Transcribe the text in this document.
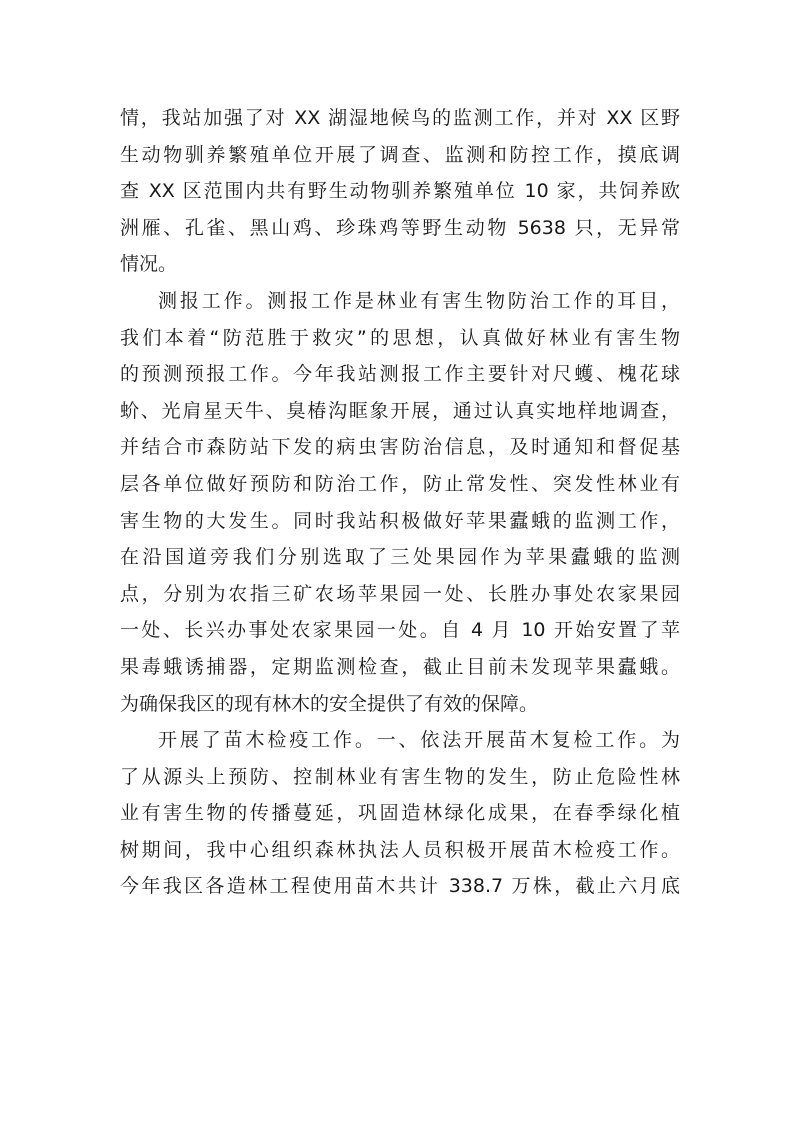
情，我站加强了对 XX 湖湿地候鸟的监测工作，并对 XX 区野
生动物驯养繁殖单位开展了调查、监测和防控工作，摸底调
查 XX 区范围内共有野生动物驯养繁殖单位 10 家，共饲养欧
洲雁、孔雀、黑山鸡、珍珠鸡等野生动物 5638 只，无异常
情况。
测报工作。测报工作是林业有害生物防治工作的耳目，
我们本着“防范胜于救灾”的思想，认真做好林业有害生物
的预测预报工作。今年我站测报工作主要针对尺蠖、槐花球
蚧、光肩星天牛、臭椿沟眶象开展，通过认真实地样地调查，
并结合市森防站下发的病虫害防治信息，及时通知和督促基
层各单位做好预防和防治工作，防止常发性、突发性林业有
害生物的大发生。同时我站积极做好苹果蠹蛾的监测工作，
在沿国道旁我们分别选取了三处果园作为苹果蠹蛾的监测
点，分别为农指三矿农场苹果园一处、长胜办事处农家果园
一处、长兴办事处农家果园一处。自 4 月 10 开始安置了苹
果毒蛾诱捕器，定期监测检查，截止目前未发现苹果蠹蛾。
为确保我区的现有林木的安全提供了有效的保障。
开展了苗木检疫工作。一、依法开展苗木复检工作。为
了从源头上预防、控制林业有害生物的发生，防止危险性林
业有害生物的传播蔓延，巩固造林绿化成果，在春季绿化植
树期间，我中心组织森林执法人员积极开展苗木检疫工作。
今年我区各造林工程使用苗木共计 338.7 万株，截止六月底
